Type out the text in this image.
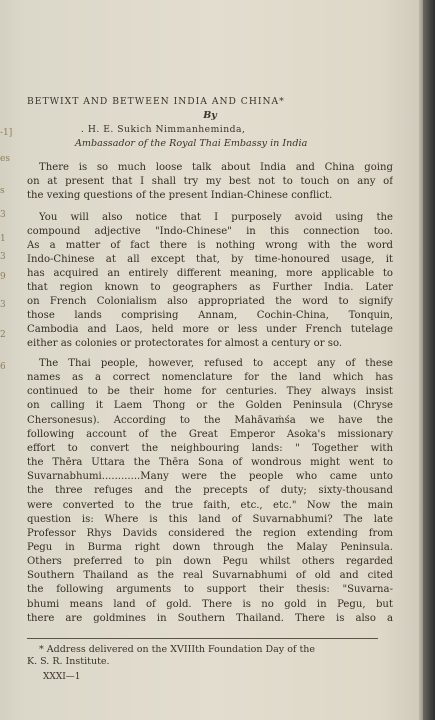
-1]
es
s
3
1
3
9
3
2
6
BETWIXT AND BETWEEN INDIA AND CHINA*
By
. H. E. Sukich Nimmanheminda,
Ambassador of the Royal Thai Embassy in India
There is so much loose talk about India and China going
on at present that I shall try my best not to touch on any of
the vexing questions of the present Indian-Chinese conflict.
You will also notice that I purposely avoid using the
compound adjective "Indo-Chinese" in this connection too.
As a matter of fact there is nothing wrong with the word
Indo-Chinese at all except that, by time-honoured usage, it
has acquired an entirely different meaning, more applicable to
that region known to geographers as Further India. Later
on French Colonialism also appropriated the word to signify
those lands comprising Annam, Cochin-China, Tonquin,
Cambodia and Laos, held more or less under French tutelage
either as colonies or protectorates for almost a century or so.
The Thai people, however, refused to accept any of these
names as a correct nomenclature for the land which has
continued to be their home for centuries. They always insist
on calling it Laem Thong or the Golden Peninsula (Chryse
Chersonesus). According to the Mahāvaṁśa we have the
following account of the Great Emperor Asoka's missionary
effort to convert the neighbouring lands: " Together with
the Thēra Uttara the Thēra Sona of wondrous might went to
Suvarnabhumi............Many were the people who came unto
the three refuges and the precepts of duty; sixty-thousand
were converted to the true faith, etc., etc." Now the main
question is: Where is this land of Suvarnabhumi? The late
Professor Rhys Davids considered the region extending from
Pegu in Burma right down through the Malay Peninsula.
Others preferred to pin down Pegu whilst others regarded
Southern Thailand as the real Suvarnabhumi of old and cited
the following arguments to support their thesis: "Suvarna-
bhumi means land of gold. There is no gold in Pegu, but
there are goldmines in Southern Thailand. There is also a
* Address delivered on the XVIIIth Foundation Day of the
K. S. R. Institute.
XXXI—1
